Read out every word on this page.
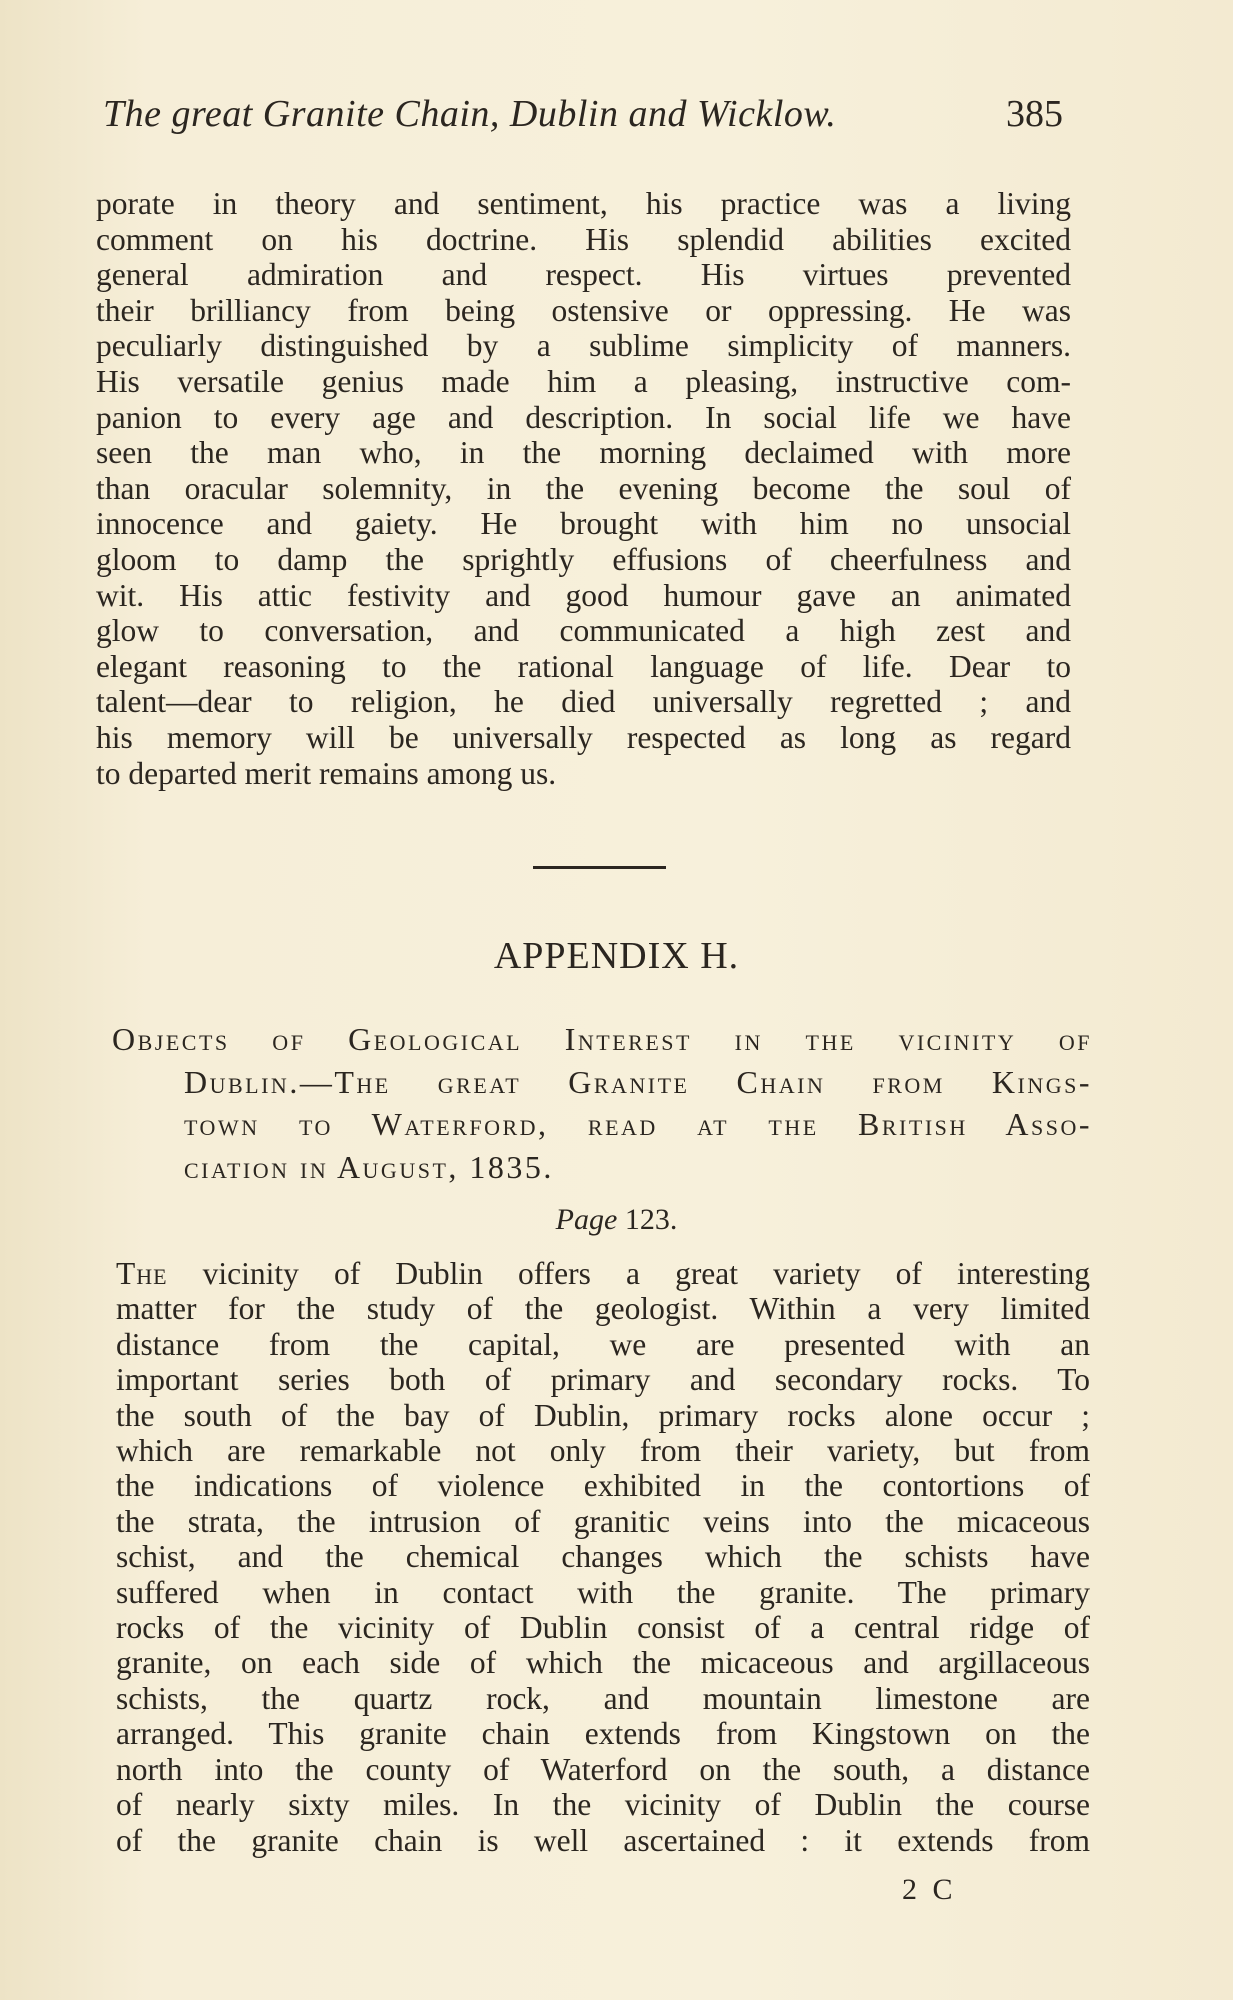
The great Granite Chain, Dublin and Wicklow.	385
porate in theory and sentiment, his practice was a living
comment on his doctrine. His splendid abilities excited
general admiration and respect. His virtues prevented
their brilliancy from being ostensive or oppressing. He was
peculiarly distinguished by a sublime simplicity of manners.
His versatile genius made him a pleasing, instructive com-
panion to every age and description. In social life we have
seen the man who, in the morning declaimed with more
than oracular solemnity, in the evening become the soul of
innocence and gaiety. He brought with him no unsocial
gloom to damp the sprightly effusions of cheerfulness and
wit. His attic festivity and good humour gave an animated
glow to conversation, and communicated a high zest and
elegant reasoning to the rational language of life. Dear to
talent—dear to religion, he died universally regretted ; and
his memory will be universally respected as long as regard
to departed merit remains among us.
APPENDIX H.
Objects of Geological Interest in the vicinity of
Dublin.—The great Granite Chain from Kings-
town to Waterford, read at the British Asso-
ciation in August, 1835.
Page 123.
The vicinity of Dublin offers a great variety of interesting
matter for the study of the geologist. Within a very limited
distance from the capital, we are presented with an
important series both of primary and secondary rocks. To
the south of the bay of Dublin, primary rocks alone occur ;
which are remarkable not only from their variety, but from
the indications of violence exhibited in the contortions of
the strata, the intrusion of granitic veins into the micaceous
schist, and the chemical changes which the schists have
suffered when in contact with the granite. The primary
rocks of the vicinity of Dublin consist of a central ridge of
granite, on each side of which the micaceous and argillaceous
schists, the quartz rock, and mountain limestone are
arranged. This granite chain extends from Kingstown on the
north into the county of Waterford on the south, a distance
of nearly sixty miles. In the vicinity of Dublin the course
of the granite chain is well ascertained : it extends from
2 C
